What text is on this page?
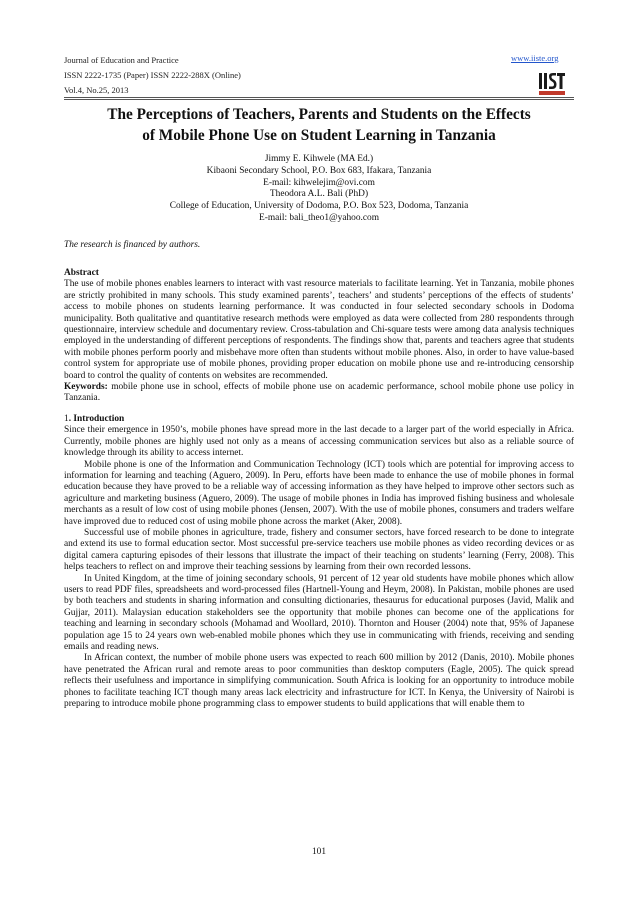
Journal of Education and Practice
ISSN 2222-1735 (Paper) ISSN 2222-288X (Online)
Vol.4, No.25, 2013
www.iiste.org
The Perceptions of Teachers, Parents and Students on the Effects
of Mobile Phone Use on Student Learning in Tanzania
Jimmy E. Kihwele (MA Ed.)
Kibaoni Secondary School, P.O. Box 683, Ifakara, Tanzania
E-mail: kihwelejim@ovi.com
Theodora A.L. Bali (PhD)
College of Education, University of Dodoma, P.O. Box 523, Dodoma, Tanzania
E-mail: bali_theo1@yahoo.com
The research is financed by authors.

Abstract

The use of mobile phones enables learners to interact with vast resource materials to facilitate learning. Yet in Tanzania, mobile phones are strictly prohibited in many schools. This study examined parents’, teachers’ and students’ perceptions of the effects of students’ access to mobile phones on students learning performance. It was conducted in four selected secondary schools in Dodoma municipality. Both qualitative and quantitative research methods were employed as data were collected from 280 respondents through questionnaire, interview schedule and documentary review. Cross-tabulation and Chi-square tests were among data analysis techniques employed in the understanding of different perceptions of respondents. The findings show that, parents and teachers agree that students with mobile phones perform poorly and misbehave more often than students without mobile phones. Also, in order to have value-based control system for appropriate use of mobile phones, providing proper education on mobile phone use and re-introducing censorship board to control the quality of contents on websites are recommended.

Keywords: mobile phone use in school, effects of mobile phone use on academic performance, school mobile phone use policy in Tanzania.

1. Introduction

Since their emergence in 1950’s, mobile phones have spread more in the last decade to a larger part of the world especially in Africa. Currently, mobile phones are highly used not only as a means of accessing communication services but also as a reliable source of knowledge through its ability to access internet.

Mobile phone is one of the Information and Communication Technology (ICT) tools which are potential for improving access to information for learning and teaching (Aguero, 2009). In Peru, efforts have been made to enhance the use of mobile phones in formal education because they have proved to be a reliable way of accessing information as they have helped to improve other sectors such as agriculture and marketing business (Aguero, 2009). The usage of mobile phones in India has improved fishing business and wholesale merchants as a result of low cost of using mobile phones (Jensen, 2007). With the use of mobile phones, consumers and traders welfare have improved due to reduced cost of using mobile phone across the market (Aker, 2008).

Successful use of mobile phones in agriculture, trade, fishery and consumer sectors, have forced research to be done to integrate and extend its use to formal education sector. Most successful pre-service teachers use mobile phones as video recording devices or as digital camera capturing episodes of their lessons that illustrate the impact of their teaching on students’ learning (Ferry, 2008). This helps teachers to reflect on and improve their teaching sessions by learning from their own recorded lessons.

In United Kingdom, at the time of joining secondary schools, 91 percent of 12 year old students have mobile phones which allow users to read PDF files, spreadsheets and word-processed files (Hartnell-Young and Heym, 2008). In Pakistan, mobile phones are used by both teachers and students in sharing information and consulting dictionaries, thesaurus for educational purposes (Javid, Malik and Gujjar, 2011). Malaysian education stakeholders see the opportunity that mobile phones can become one of the applications for teaching and learning in secondary schools (Mohamad and Woollard, 2010). Thornton and Houser (2004) note that, 95% of Japanese population age 15 to 24 years own web-enabled mobile phones which they use in communicating with friends, receiving and sending emails and reading news.

In African context, the number of mobile phone users was expected to reach 600 million by 2012 (Danis, 2010). Mobile phones have penetrated the African rural and remote areas to poor communities than desktop computers (Eagle, 2005). The quick spread reflects their usefulness and importance in simplifying communication. South Africa is looking for an opportunity to introduce mobile phones to facilitate teaching ICT though many areas lack electricity and infrastructure for ICT. In Kenya, the University of Nairobi is preparing to introduce mobile phone programming class to empower students to build applications that will enable them to

101
